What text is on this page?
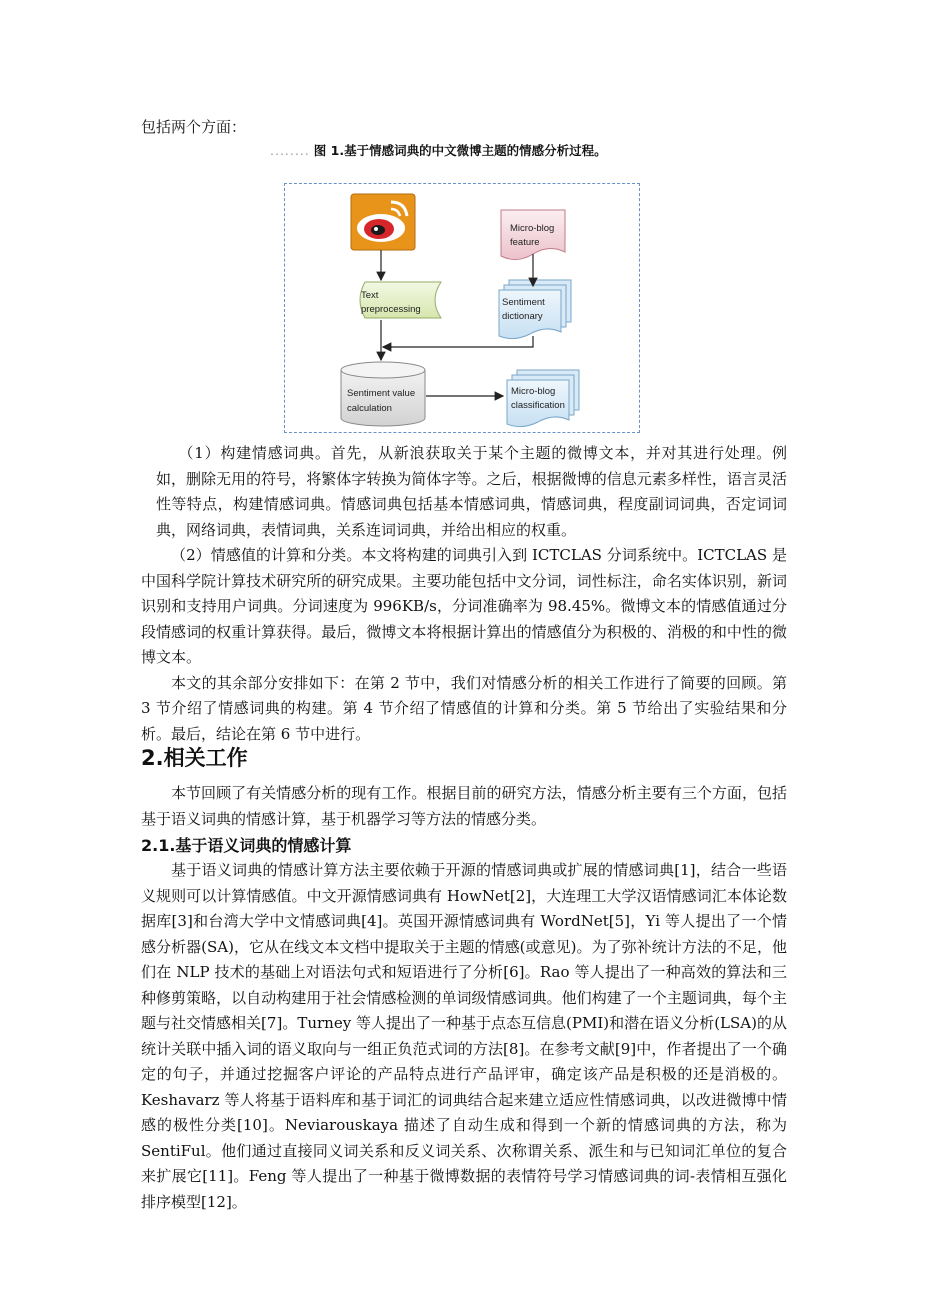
包括两个方面：
........ 图 1.基于情感词典的中文微博主题的情感分析过程。
Micro-blog
feature
Text
preprocessing
Sentiment
dictionary
Sentiment value
calculation
Micro-blog
classification

（1）构建情感词典。首先，从新浪获取关于某个主题的微博文本，并对其进行处理。例如，删除无用的符号，将繁体字转换为简体字等。之后，根据微博的信息元素多样性，语言灵活性等特点，构建情感词典。情感词典包括基本情感词典，情感词典，程度副词词典，否定词词典，网络词典，表情词典，关系连词词典，并给出相应的权重。

（2）情感值的计算和分类。本文将构建的词典引入到 ICTCLAS 分词系统中。ICTCLAS 是中国科学院计算技术研究所的研究成果。主要功能包括中文分词，词性标注，命名实体识别，新词识别和支持用户词典。分词速度为 996KB/s，分词准确率为 98.45%。微博文本的情感值通过分段情感词的权重计算获得。最后，微博文本将根据计算出的情感值分为积极的、消极的和中性的微博文本。

本文的其余部分安排如下：在第 2 节中，我们对情感分析的相关工作进行了简要的回顾。第 3 节介绍了情感词典的构建。第 4 节介绍了情感值的计算和分类。第 5 节给出了实验结果和分析。最后，结论在第 6 节中进行。

2.相关工作

本节回顾了有关情感分析的现有工作。根据目前的研究方法，情感分析主要有三个方面，包括基于语义词典的情感计算，基于机器学习等方法的情感分类。

2.1.基于语义词典的情感计算

基于语义词典的情感计算方法主要依赖于开源的情感词典或扩展的情感词典[1]，结合一些语义规则可以计算情感值。中文开源情感词典有 HowNet[2]，大连理工大学汉语情感词汇本体论数据库[3]和台湾大学中文情感词典[4]。英国开源情感词典有 WordNet[5]，Yi 等人提出了一个情感分析器(SA)，它从在线文本文档中提取关于主题的情感(或意见)。为了弥补统计方法的不足，他们在 NLP 技术的基础上对语法句式和短语进行了分析[6]。Rao 等人提出了一种高效的算法和三种修剪策略，以自动构建用于社会情感检测的单词级情感词典。他们构建了一个主题词典，每个主题与社交情感相关[7]。Turney 等人提出了一种基于点态互信息(PMI)和潜在语义分析(LSA)的从统计关联中插入词的语义取向与一组正负范式词的方法[8]。在参考文献[9]中，作者提出了一个确定的句子，并通过挖掘客户评论的产品特点进行产品评审，确定该产品是积极的还是消极的。Keshavarz 等人将基于语料库和基于词汇的词典结合起来建立适应性情感词典，以改进微博中情感的极性分类[10]。Neviarouskaya 描述了自动生成和得到一个新的情感词典的方法，称为 SentiFul。他们通过直接同义词关系和反义词关系、次称谓关系、派生和与已知词汇单位的复合来扩展它[11]。Feng 等人提出了一种基于微博数据的表情符号学习情感词典的词-表情相互强化排序模型[12]。
